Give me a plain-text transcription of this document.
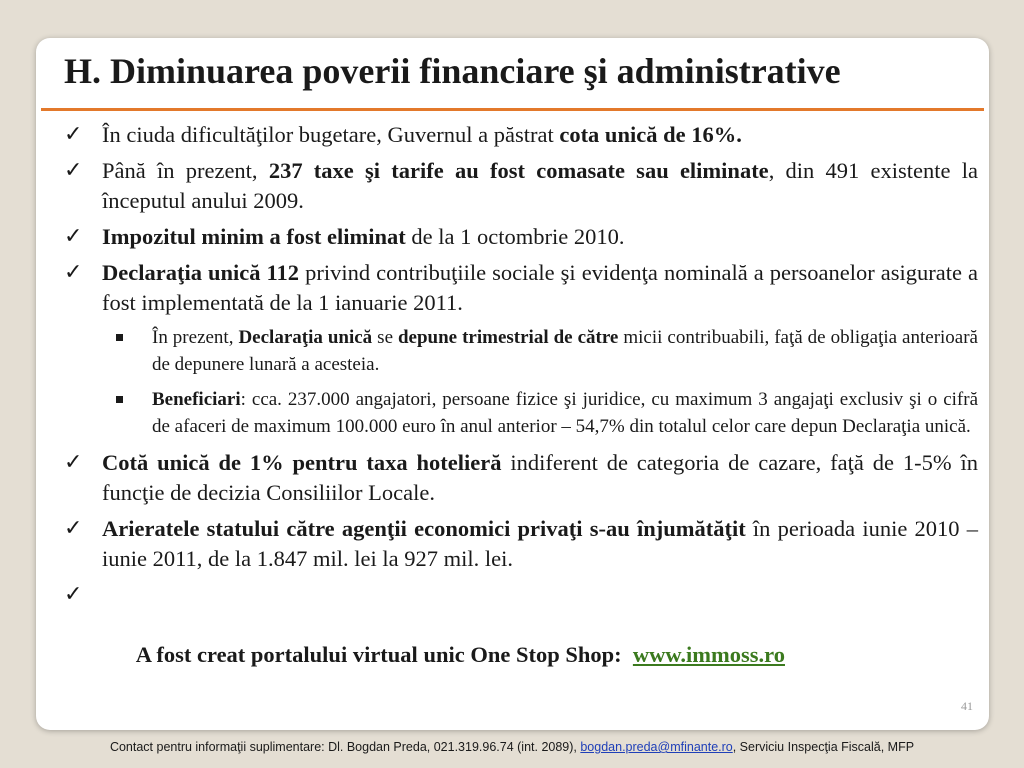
H. Diminuarea poverii financiare şi administrative
✓ În ciuda dificultăţilor bugetare, Guvernul a păstrat cota unică de 16%.
✓ Până în prezent, 237 taxe şi tarife au fost comasate sau eliminate, din 491 existente la începutul anului 2009.
✓ Impozitul minim a fost eliminat de la 1 octombrie 2010.
✓ Declaraţia unică 112 privind contribuţiile sociale şi evidenţa nominală a persoanelor asigurate a fost implementată de la 1 ianuarie 2011.
În prezent, Declaraţia unică se depune trimestrial de către micii contribuabili, faţă de obligaţia anterioară de depunere lunară a acesteia.
Beneficiari: cca. 237.000 angajatori, persoane fizice şi juridice, cu maximum 3 angajaţi exclusiv şi o cifră de afaceri de maximum 100.000 euro în anul anterior – 54,7% din totalul celor care depun Declaraţia unică.
✓ Cotă unică de 1% pentru taxa hotelieră indiferent de categoria de cazare, faţă de 1-5% în funcţie de decizia Consiliilor Locale.
✓ Arieratele statului către agenţii economici privaţi s-au înjumătăţit în perioada iunie 2010 – iunie 2011, de la 1.847 mil. lei la 927 mil. lei.

✓

A fost creat portalului virtual unic One Stop Shop:  www.immoss.ro

41
Contact pentru informaţii suplimentare: Dl. Bogdan Preda, 021.319.96.74 (int. 2089), bogdan.preda@mfinante.ro, Serviciu Inspecţia Fiscală, MFP
